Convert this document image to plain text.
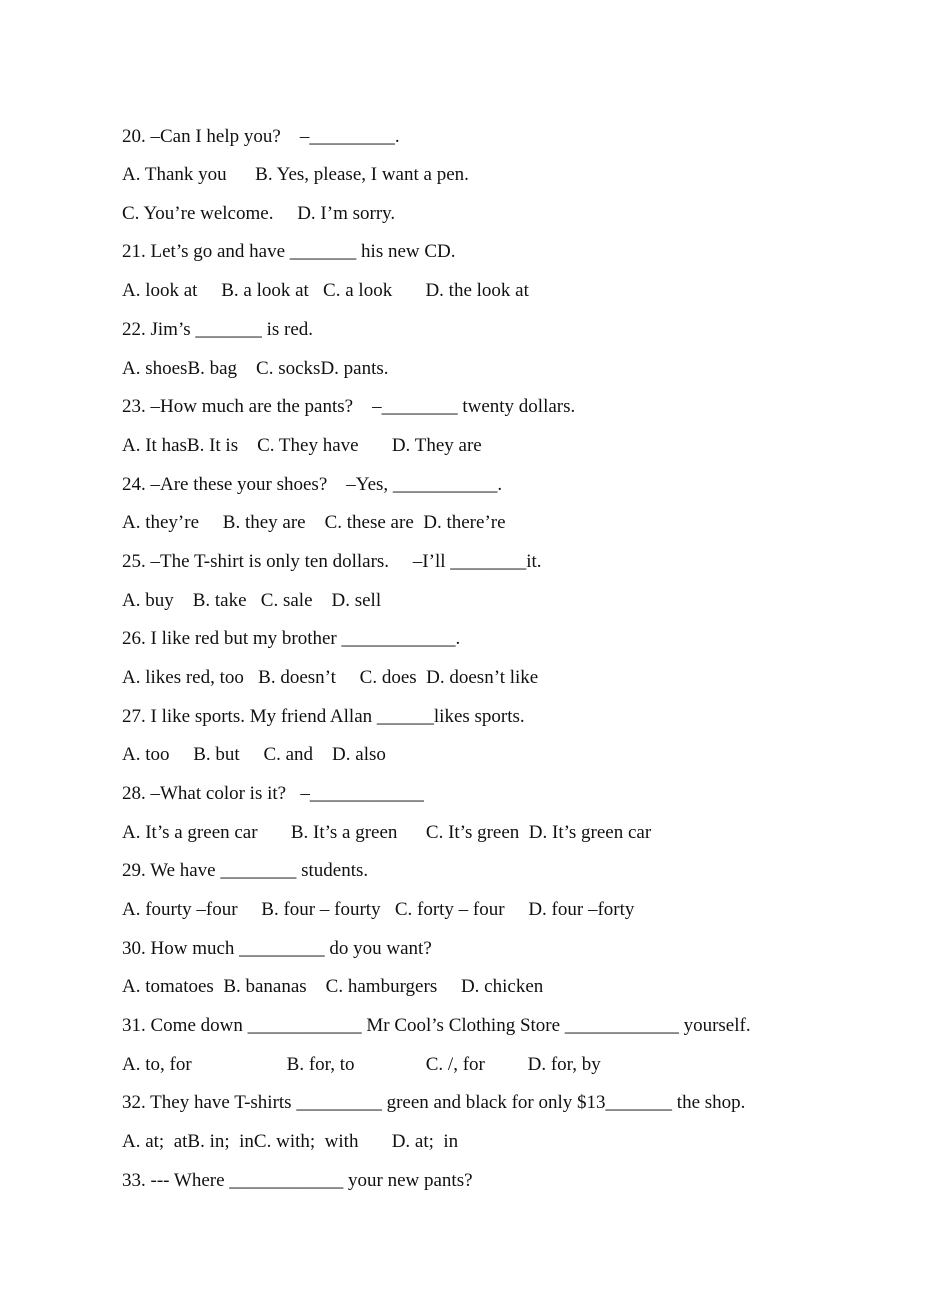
20. –Can I help you?    –_________.
A. Thank you      B. Yes, please, I want a pen.
C. You’re welcome.     D. I’m sorry.
21. Let’s go and have _______ his new CD.
A. look at     B. a look at   C. a look       D. the look at
22. Jim’s _______ is red.
A. shoesB. bag    C. socksD. pants.
23. –How much are the pants?    –________ twenty dollars.
A. It hasB. It is    C. They have       D. They are
24. –Are these your shoes?    –Yes, ___________.
A. they’re     B. they are    C. these are  D. there’re
25. –The T-shirt is only ten dollars.     –I’ll ________it.
A. buy    B. take   C. sale    D. sell
26. I like red but my brother ____________.
A. likes red, too   B. doesn’t     C. does  D. doesn’t like
27. I like sports. My friend Allan ______likes sports.
A. too     B. but     C. and    D. also
28. –What color is it?   –____________
A. It’s a green car       B. It’s a green      C. It’s green  D. It’s green car
29. We have ________ students.
A. fourty –four     B. four – fourty   C. forty – four     D. four –forty
30. How much _________ do you want?
A. tomatoes  B. bananas    C. hamburgers     D. chicken
31. Come down ____________ Mr Cool’s Clothing Store ____________ yourself.
A. to, for                    B. for, to               C. /, for         D. for, by
32. They have T-shirts _________ green and black for only $13_______ the shop.
A. at;  atB. in;  inC. with;  with       D. at;  in
33. --- Where ____________ your new pants?
